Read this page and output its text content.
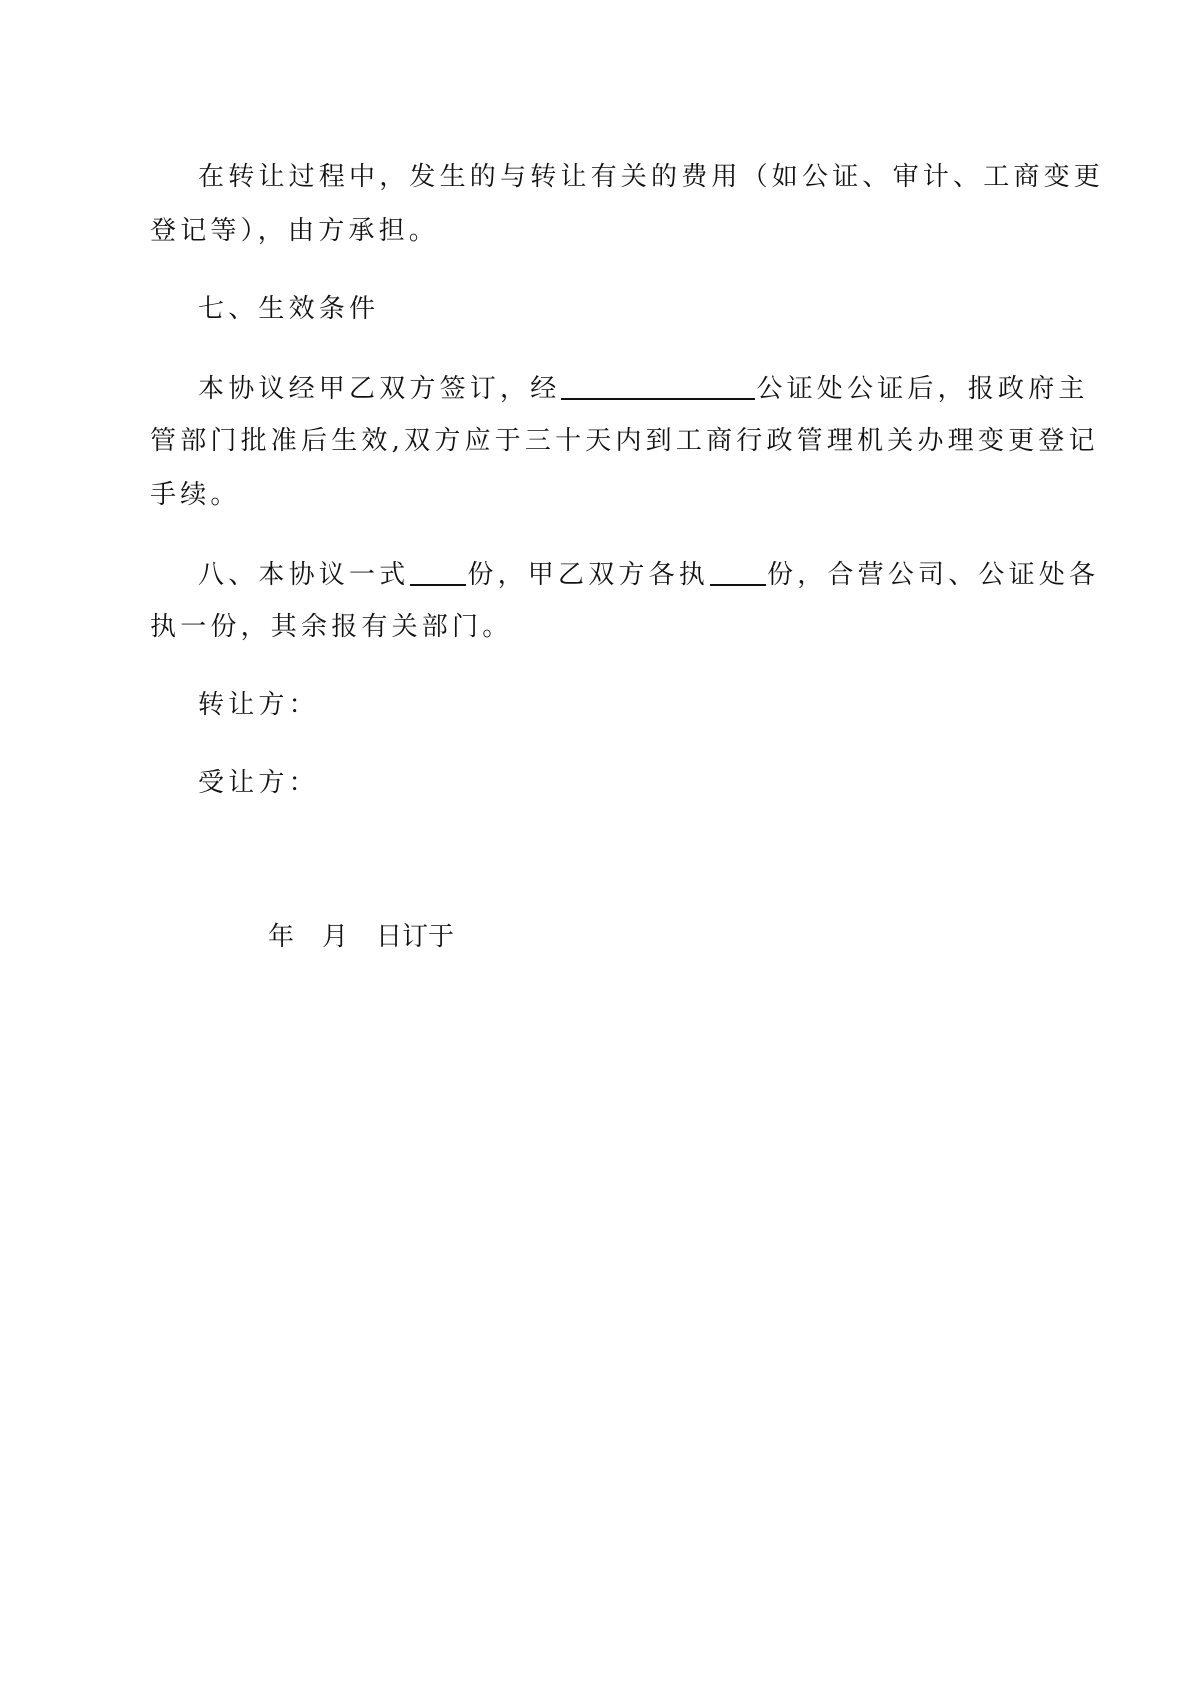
在转让过程中，发生的与转让有关的费用（如公证、审计、工商变更
登记等），由方承担。
七、生效条件
本协议经甲乙双方签订，经	公证处公证后，报政府主
管部门批准后生效,双方应于三十天内到工商行政管理机关办理变更登记
手续。
八、本协议一式 份，甲乙双方各执 份，合营公司、公证处各
执一份，其余报有关部门。
转让方：
受让方：
年 月 日订于
